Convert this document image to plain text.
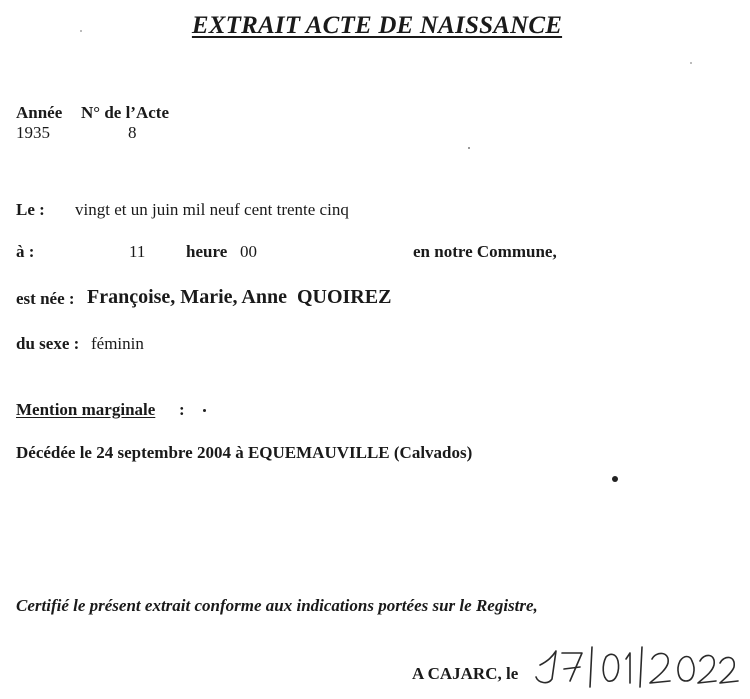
EXTRAIT ACTE DE NAISSANCE
Année N° de l’Acte
1935	8
Le : vingt et un juin mil neuf cent trente cinq
à :	11 heure 00	en notre Commune,
est née : Françoise, Marie, Anne  QUOIREZ
du sexe : féminin
Mention marginale :
Décédée le 24 septembre 2004 à EQUEMAUVILLE (Calvados)
Certifié le présent extrait conforme aux indications portées sur le Registre,
A CAJARC, le
